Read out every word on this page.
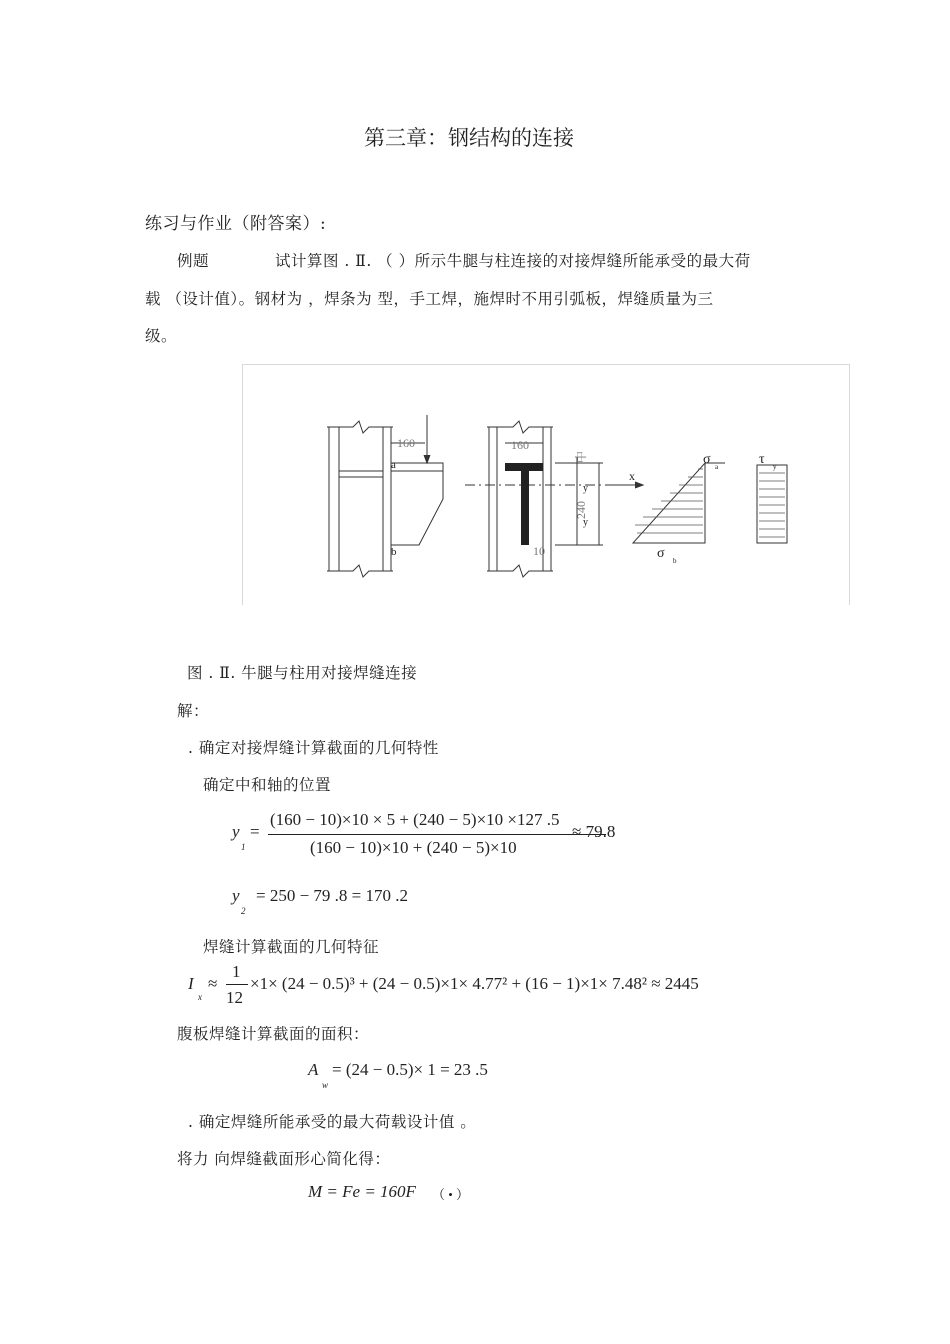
第三章：钢结构的连接
练习与作业（附答案）:
例题	试计算图 . Ⅱ. （ ）所示牛腿与柱连接的对接焊缝所能承受的最大荷
载 （设计值）。钢材为 ，焊条为 型，手工焊，施焊时不用引弧板，焊缝质量为三
级。
160	160
240
10
中
a
b
x
y
y
σ a
σ b
τ y
图 . Ⅱ. 牛腿与柱用对接焊缝连接
解：
. 确定对接焊缝计算截面的几何特性
确定中和轴的位置
y
1
=
(160 − 10)×10 × 5 + (240 − 5)×10 ×127 .5
(160 − 10)×10 + (240 − 5)×10
≈ 79.8
y
2
= 250 − 79 .8 = 170 .2
焊缝计算截面的几何特征
I
x
≈
1
12
×1× (24 − 0.5)³ + (24 − 0.5)×1× 4.77² + (16 − 1)×1× 7.48² ≈ 2445
腹板焊缝计算截面的面积：
A
w
= (24 − 0.5)× 1 = 23 .5
. 确定焊缝所能承受的最大荷载设计值 。
将力 向焊缝截面形心简化得：
M = Fe = 160F （ • ）
